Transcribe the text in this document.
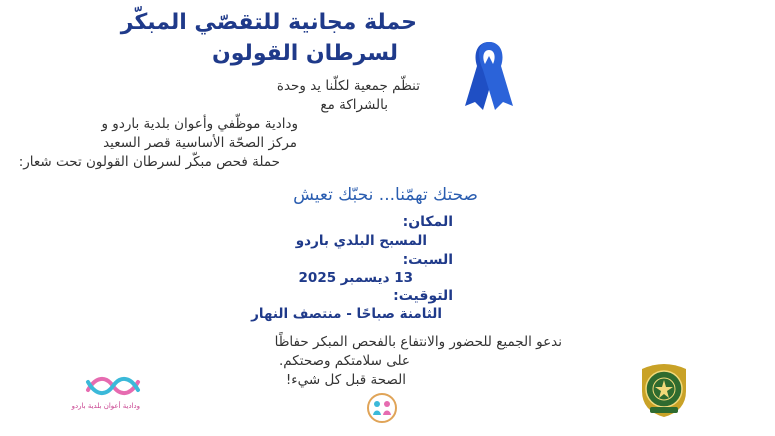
حملة مجانية للتقصّي المبكّر
لسرطان القولون
تنظّم جمعية لكلّنا يد وحدة
بالشراكة مع
ودادية موظّفي وأعوان بلدية باردو و
مركز الصحّة الأساسية قصر السعيد
حملة فحص مبكّر لسرطان القولون تحت شعار:
صحتك تهمّنا... نحبّك تعيش
المكان:
المسبح البلدي باردو
السبت:
13 ديسمبر 2025
التوقيت:
الثامنة صباحًا - منتصف النهار
ندعو الجميع للحضور والانتفاع بالفحص المبكر حفاظًا
على سلامتكم وصحتكم.
الصحة قبل كل شيء!
ودادية أعوان بلدية باردو
